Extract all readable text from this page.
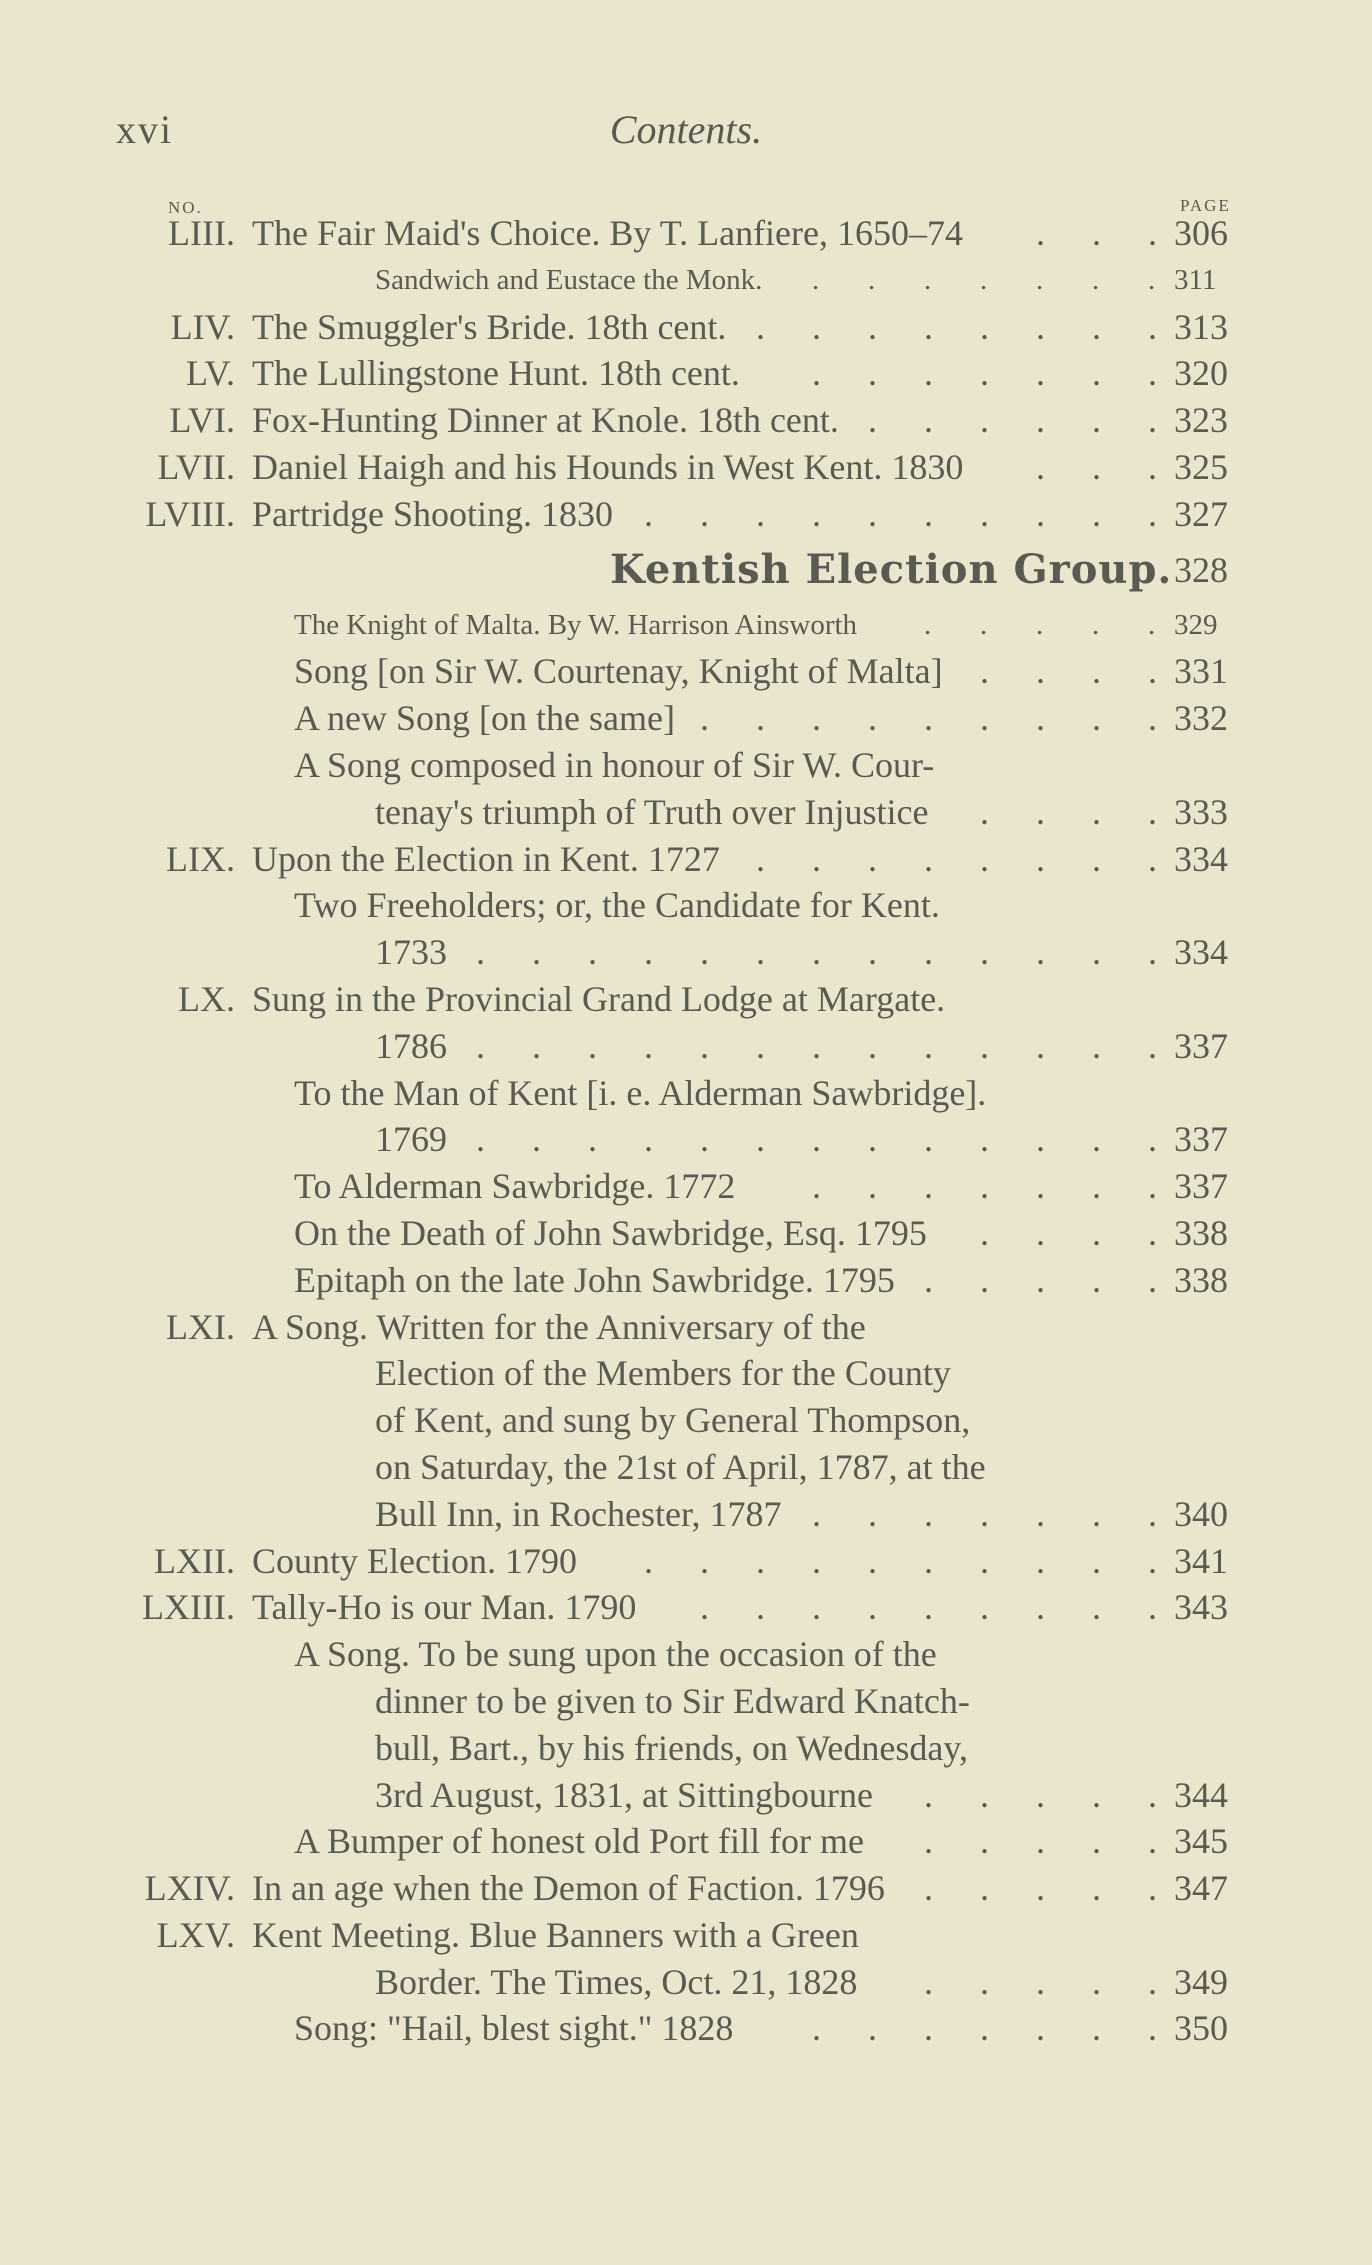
xvi	Contents.
NO.	PAGE
LIII. The Fair Maid's Choice. By T. Lanfiere, 1650–74	306
.
.
.
Sandwich and Eustace the Monk.	311
.
.
.
.
.
.
.
LIV. The Smuggler's Bride. 18th cent.	313
.
.
.
.
.
.
.
.
LV. The Lullingstone Hunt. 18th cent.	320
.
.
.
.
.
.
.
LVI. Fox-Hunting Dinner at Knole. 18th cent.	323
.
.
.
.
.
.
LVII. Daniel Haigh and his Hounds in West Kent. 1830	325
.
.
.
LVIII. Partridge Shooting. 1830	327
.
.
.
.
.
.
.
.
.
.
Kentish Election Group. 328
The Knight of Malta. By W. Harrison Ainsworth	329
.
.
.
.
.
Song [on Sir W. Courtenay, Knight of Malta]	331
.
.
.
.
A new Song [on the same]	332
.
.
.
.
.
.
.
.
.
A Song composed in honour of Sir W. Cour-
tenay's triumph of Truth over Injustice	333
.
.
.
.
LIX. Upon the Election in Kent. 1727	334
.
.
.
.
.
.
.
.
Two Freeholders; or, the Candidate for Kent.
1733	334
.
.
.
.
.
.
.
.
.
.
.
.
.
LX. Sung in the Provincial Grand Lodge at Margate.
1786	337
.
.
.
.
.
.
.
.
.
.
.
.
.
To the Man of Kent [i. e. Alderman Sawbridge].
1769	337
.
.
.
.
.
.
.
.
.
.
.
.
.
To Alderman Sawbridge. 1772	337
.
.
.
.
.
.
.
On the Death of John Sawbridge, Esq. 1795	338
.
.
.
.
Epitaph on the late John Sawbridge. 1795	338
.
.
.
.
.
LXI. A Song. Written for the Anniversary of the
Election of the Members for the County
of Kent, and sung by General Thompson,
on Saturday, the 21st of April, 1787, at the
Bull Inn, in Rochester, 1787	340
.
.
.
.
.
.
.
LXII. County Election. 1790	341
.
.
.
.
.
.
.
.
.
.
LXIII. Tally-Ho is our Man. 1790	343
.
.
.
.
.
.
.
.
.
A Song. To be sung upon the occasion of the
dinner to be given to Sir Edward Knatch-
bull, Bart., by his friends, on Wednesday,
3rd August, 1831, at Sittingbourne	344
.
.
.
.
.
A Bumper of honest old Port fill for me	345
.
.
.
.
.
LXIV. In an age when the Demon of Faction. 1796	347
.
.
.
.
.
LXV. Kent Meeting. Blue Banners with a Green
Border. The Times, Oct. 21, 1828	349
.
.
.
.
.
Song: "Hail, blest sight." 1828	350
.
.
.
.
.
.
.
